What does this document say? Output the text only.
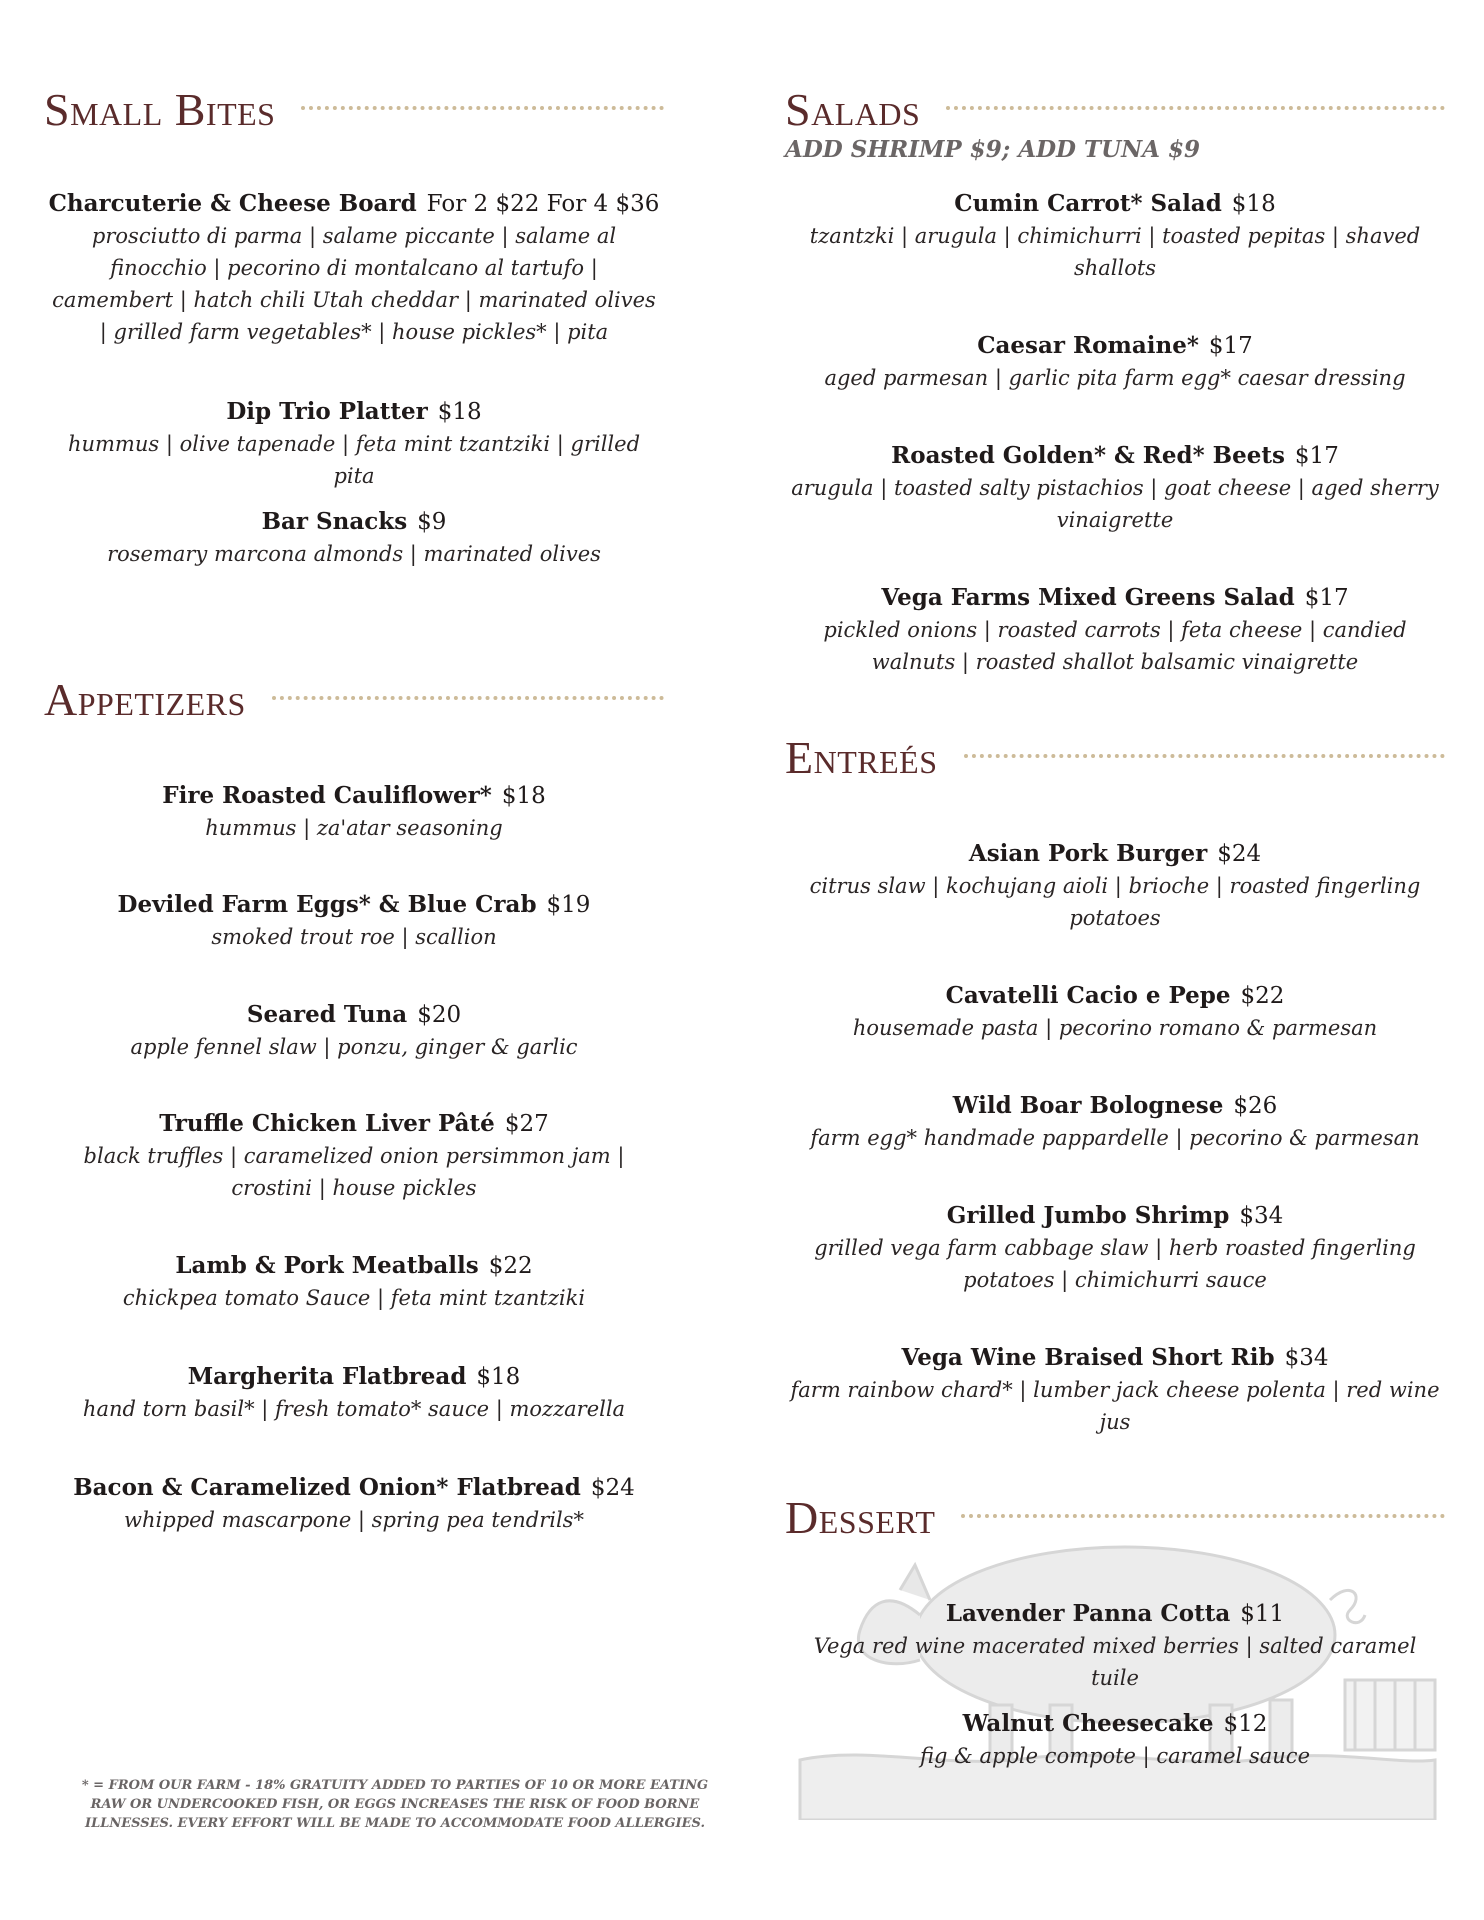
Small Bites
Charcuterie & Cheese Board For 2 $22 For 4 $36
prosciutto di parma | salame piccante | salame al finocchio | pecorino di montalcano al tartufo | camembert | hatch chili Utah cheddar | marinated olives | grilled farm vegetables* | house pickles* | pita
Dip Trio Platter $18
hummus | olive tapenade | feta mint tzantziki | grilled pita
Bar Snacks $9
rosemary marcona almonds | marinated olives
Appetizers
Fire Roasted Cauliflower* $18
hummus | za'atar seasoning
Deviled Farm Eggs* & Blue Crab $19
smoked trout roe | scallion
Seared Tuna $20
apple fennel slaw | ponzu, ginger & garlic
Truffle Chicken Liver Pâté $27
black truffles | caramelized onion persimmon jam | crostini | house pickles
Lamb & Pork Meatballs $22
chickpea tomato Sauce | feta mint tzantziki
Margherita Flatbread $18
hand torn basil* | fresh tomato* sauce | mozzarella
Bacon & Caramelized Onion* Flatbread $24
whipped mascarpone | spring pea tendrils*
* = FROM OUR FARM - 18% GRATUITY ADDED TO PARTIES OF 10 OR MORE EATING RAW OR UNDERCOOKED FISH, OR EGGS INCREASES THE RISK OF FOOD BORNE ILLNESSES. EVERY EFFORT WILL BE MADE TO ACCOMMODATE FOOD ALLERGIES.
Salads
ADD SHRIMP $9; ADD TUNA $9
Cumin Carrot* Salad $18
tzantzki | arugula | chimichurri | toasted pepitas | shaved shallots
Caesar Romaine* $17
aged parmesan | garlic pita farm egg* caesar dressing
Roasted Golden* & Red* Beets $17
arugula | toasted salty pistachios | goat cheese | aged sherry vinaigrette
Vega Farms Mixed Greens Salad $17
pickled onions | roasted carrots | feta cheese | candied walnuts | roasted shallot balsamic vinaigrette
Entreés
Asian Pork Burger $24
citrus slaw | kochujang aioli | brioche | roasted fingerling potatoes
Cavatelli Cacio e Pepe $22
housemade pasta | pecorino romano & parmesan
Wild Boar Bolognese $26
farm egg* handmade pappardelle | pecorino & parmesan
Grilled Jumbo Shrimp $34
grilled vega farm cabbage slaw | herb roasted fingerling potatoes | chimichurri sauce
Vega Wine Braised Short Rib $34
farm rainbow chard* | lumber jack cheese polenta | red wine jus
Dessert
Lavender Panna Cotta $11
Vega red wine macerated mixed berries | salted caramel tuile
Walnut Cheesecake $12
fig & apple compote | caramel sauce
